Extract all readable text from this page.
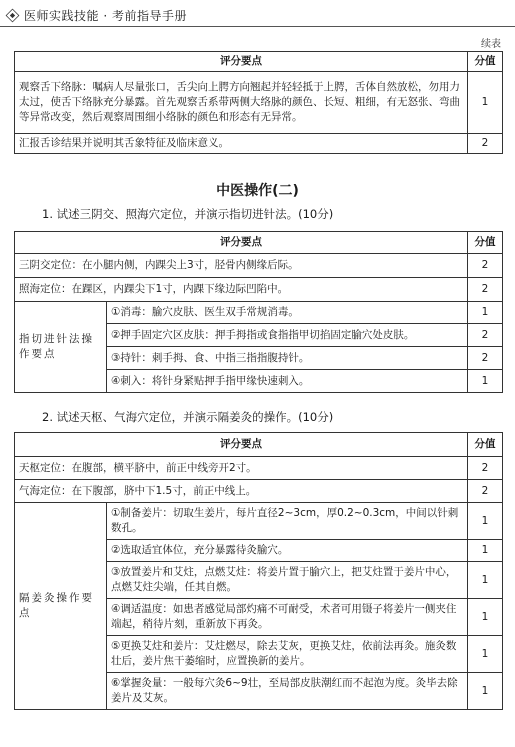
医师实践技能 · 考前指导手册
续表
评分要点	分值
观察舌下络脉：嘱病人尽量张口，舌尖向上腭方向翘起并轻轻抵于上腭，舌体自然放松，勿用力太过，使舌下络脉充分暴露。首先观察舌系带两侧大络脉的颜色、长短、粗细，有无怒张、弯曲等异常改变，然后观察周围细小络脉的颜色和形态有无异常。	1
汇报舌诊结果并说明其舌象特征及临床意义。	2
中医操作(二)
1. 试述三阴交、照海穴定位，并演示指切进针法。(10分)
评分要点		分值
三阴交定位：在小腿内侧，内踝尖上3寸，胫骨内侧缘后际。		2
照海定位：在踝区，内踝尖下1寸，内踝下缘边际凹陷中。		2
指切进针法操作要点	①消毒：腧穴皮肤、医生双手常规消毒。	1
	②押手固定穴区皮肤：押手拇指或食指指甲切掐固定腧穴处皮肤。	2
	③持针：刺手拇、食、中指三指指腹持针。	2
	④刺入：将针身紧贴押手指甲缘快速刺入。	1
2. 试述天枢、气海穴定位，并演示隔姜灸的操作。(10分)
评分要点		分值
天枢定位：在腹部，横平脐中，前正中线旁开2寸。		2
气海定位：在下腹部，脐中下1.5寸，前正中线上。		2
隔姜灸操作要点	①制备姜片：切取生姜片，每片直径2~3cm，厚0.2~0.3cm，中间以针刺数孔。	1
	②选取适宜体位，充分暴露待灸腧穴。	1
	③放置姜片和艾炷，点燃艾炷：将姜片置于腧穴上，把艾炷置于姜片中心，点燃艾炷尖端，任其自燃。	1
	④调适温度：如患者感觉局部灼痛不可耐受，术者可用镊子将姜片一侧夹住端起，稍待片刻，重新放下再灸。	1
	⑤更换艾炷和姜片：艾炷燃尽，除去艾灰，更换艾炷，依前法再灸。施灸数壮后，姜片焦干萎缩时，应置换新的姜片。	1
	⑥掌握灸量：一般每穴灸6~9壮，至局部皮肤潮红而不起泡为度。灸毕去除姜片及艾灰。	1
